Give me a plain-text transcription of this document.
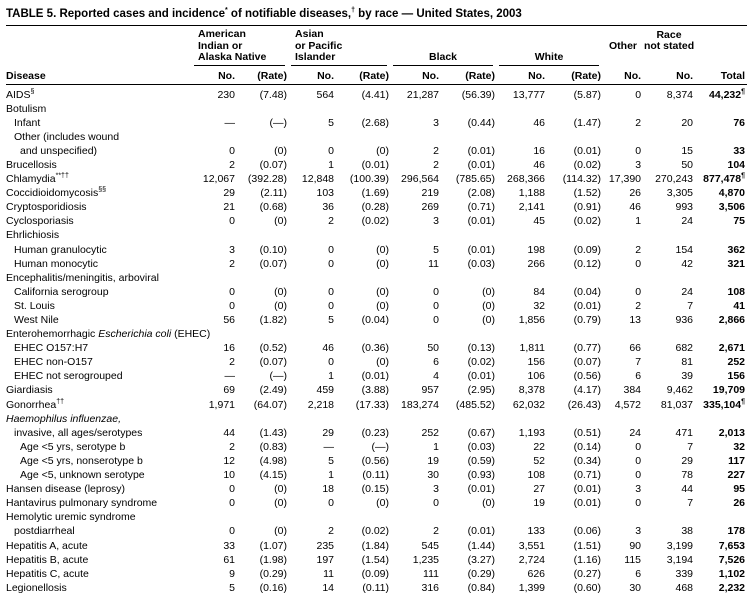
TABLE 5. Reported cases and incidence* of notifiable diseases,† by race — United States, 2003

American
Indian or
Alaska Native

Asian
or Pacific
Islander	Black	White

Other

Race
not stated

Disease	No.	(Rate)	No.	(Rate)	No.	(Rate)	No.	(Rate)	No.	No.	Total
AIDS§	230	(7.48)	564	(4.41)	21,287	(56.39)	13,777	(5.87)	0	8,374	44,232¶
Botulism											
Infant	—	(—)	5	(2.68)	3	(0.44)	46	(1.47)	2	20	76
Other (includes wound											
and unspecified)	0	(0)	0	(0)	2	(0.01)	16	(0.01)	0	15	33
Brucellosis	2	(0.07)	1	(0.01)	2	(0.01)	46	(0.02)	3	50	104
Chlamydia**††	12,067	(392.28)	12,848	(100.39)	296,564	(785.65)	268,366	(114.32)	17,390	270,243	877,478¶
Coccidioidomycosis§§	29	(2.11)	103	(1.69)	219	(2.08)	1,188	(1.52)	26	3,305	4,870
Cryptosporidiosis	21	(0.68)	36	(0.28)	269	(0.71)	2,141	(0.91)	46	993	3,506
Cyclosporiasis	0	(0)	2	(0.02)	3	(0.01)	45	(0.02)	1	24	75
Ehrlichiosis											
Human granulocytic	3	(0.10)	0	(0)	5	(0.01)	198	(0.09)	2	154	362
Human monocytic	2	(0.07)	0	(0)	11	(0.03)	266	(0.12)	0	42	321
Encephalitis/meningitis, arboviral											
California serogroup	0	(0)	0	(0)	0	(0)	84	(0.04)	0	24	108
St. Louis	0	(0)	0	(0)	0	(0)	32	(0.01)	2	7	41
West Nile	56	(1.82)	5	(0.04)	0	(0)	1,856	(0.79)	13	936	2,866
Enterohemorrhagic Escherichia coli (EHEC)											
EHEC O157:H7	16	(0.52)	46	(0.36)	50	(0.13)	1,811	(0.77)	66	682	2,671
EHEC non-O157	2	(0.07)	0	(0)	6	(0.02)	156	(0.07)	7	81	252
EHEC not serogrouped	—	(—)	1	(0.01)	4	(0.01)	106	(0.56)	6	39	156
Giardiasis	69	(2.49)	459	(3.88)	957	(2.95)	8,378	(4.17)	384	9,462	19,709
Gonorrhea††	1,971	(64.07)	2,218	(17.33)	183,274	(485.52)	62,032	(26.43)	4,572	81,037	335,104¶
Haemophilus influenzae,											
invasive, all ages/serotypes	44	(1.43)	29	(0.23)	252	(0.67)	1,193	(0.51)	24	471	2,013
Age <5 yrs, serotype b	2	(0.83)	—	(—)	1	(0.03)	22	(0.14)	0	7	32
Age <5 yrs, nonserotype b	12	(4.98)	5	(0.56)	19	(0.59)	52	(0.34)	0	29	117
Age <5, unknown serotype	10	(4.15)	1	(0.11)	30	(0.93)	108	(0.71)	0	78	227
Hansen disease (leprosy)	0	(0)	18	(0.15)	3	(0.01)	27	(0.01)	3	44	95
Hantavirus pulmonary syndrome	0	(0)	0	(0)	0	(0)	19	(0.01)	0	7	26
Hemolytic uremic syndrome											
postdiarrheal	0	(0)	2	(0.02)	2	(0.01)	133	(0.06)	3	38	178
Hepatitis A, acute	33	(1.07)	235	(1.84)	545	(1.44)	3,551	(1.51)	90	3,199	7,653
Hepatitis B, acute	61	(1.98)	197	(1.54)	1,235	(3.27)	2,724	(1.16)	115	3,194	7,526
Hepatitis C, acute	9	(0.29)	11	(0.09)	111	(0.29)	626	(0.27)	6	339	1,102
Legionellosis	5	(0.16)	14	(0.11)	316	(0.84)	1,399	(0.60)	30	468	2,232
